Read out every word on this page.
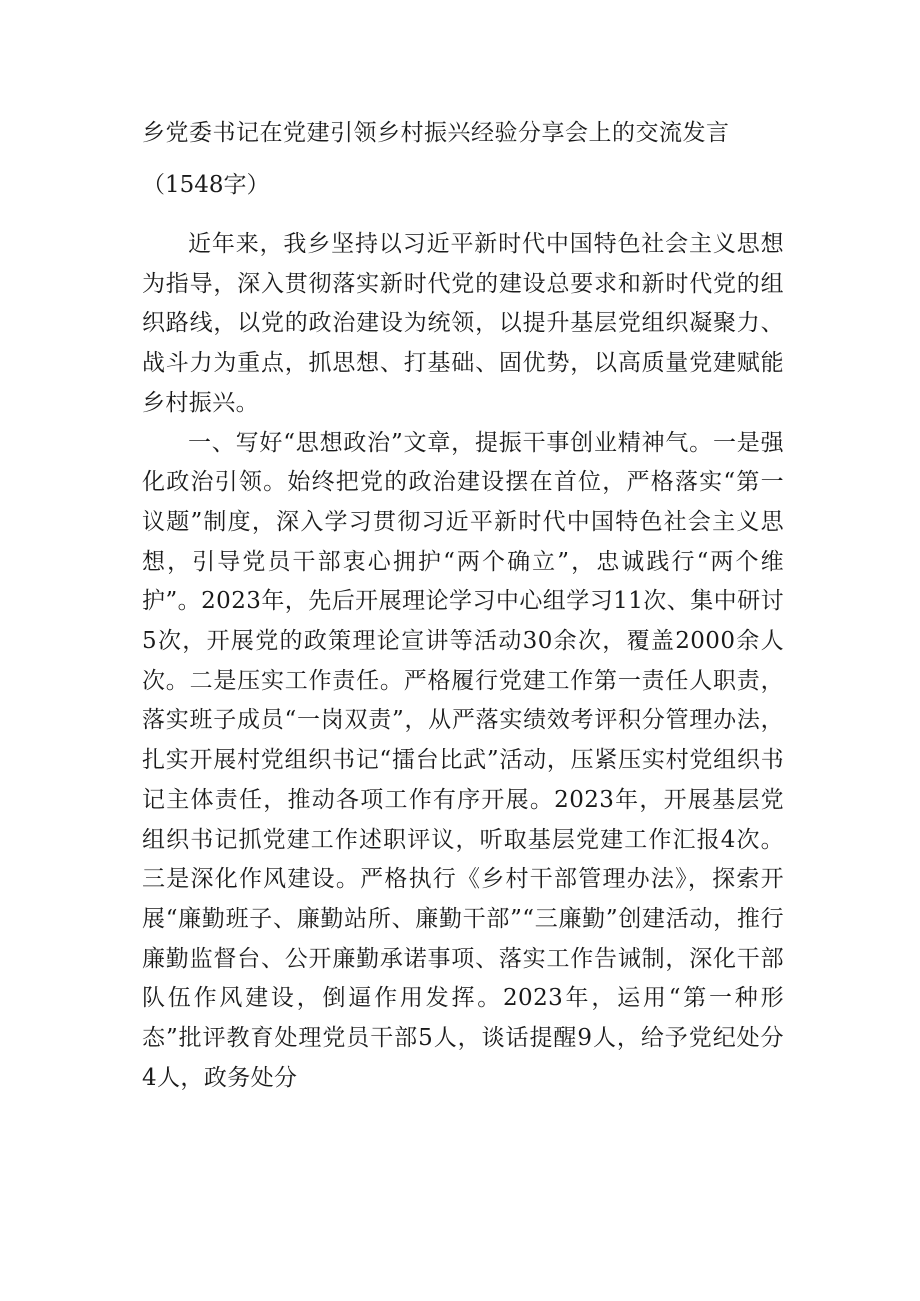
乡党委书记在党建引领乡村振兴经验分享会上的交流发言
（1548字）

近年来，我乡坚持以习近平新时代中国特色社会主义思想为指导，深入贯彻落实新时代党的建设总要求和新时代党的组织路线，以党的政治建设为统领，以提升基层党组织凝聚力、战斗力为重点，抓思想、打基础、固优势，以高质量党建赋能乡村振兴。

一、写好“思想政治”文章，提振干事创业精神气。一是强化政治引领。始终把党的政治建设摆在首位，严格落实“第一议题”制度，深入学习贯彻习近平新时代中国特色社会主义思想，引导党员干部衷心拥护“两个确立”，忠诚践行“两个维护”。2023年，先后开展理论学习中心组学习11次、集中研讨5次，开展党的政策理论宣讲等活动30余次，覆盖2000余人次。二是压实工作责任。严格履行党建工作第一责任人职责，落实班子成员“一岗双责”，从严落实绩效考评积分管理办法，扎实开展村党组织书记“擂台比武”活动，压紧压实村党组织书记主体责任，推动各项工作有序开展。2023年，开展基层党组织书记抓党建工作述职评议，听取基层党建工作汇报4次。三是深化作风建设。严格执行《乡村干部管理办法》，探索开展“廉勤班子、廉勤站所、廉勤干部”“三廉勤”创建活动，推行廉勤监督台、公开廉勤承诺事项、落实工作告诫制，深化干部队伍作风建设，倒逼作用发挥。2023年，运用“第一种形态”批评教育处理党员干部5人，谈话提醒9人，给予党纪处分4人，政务处分
